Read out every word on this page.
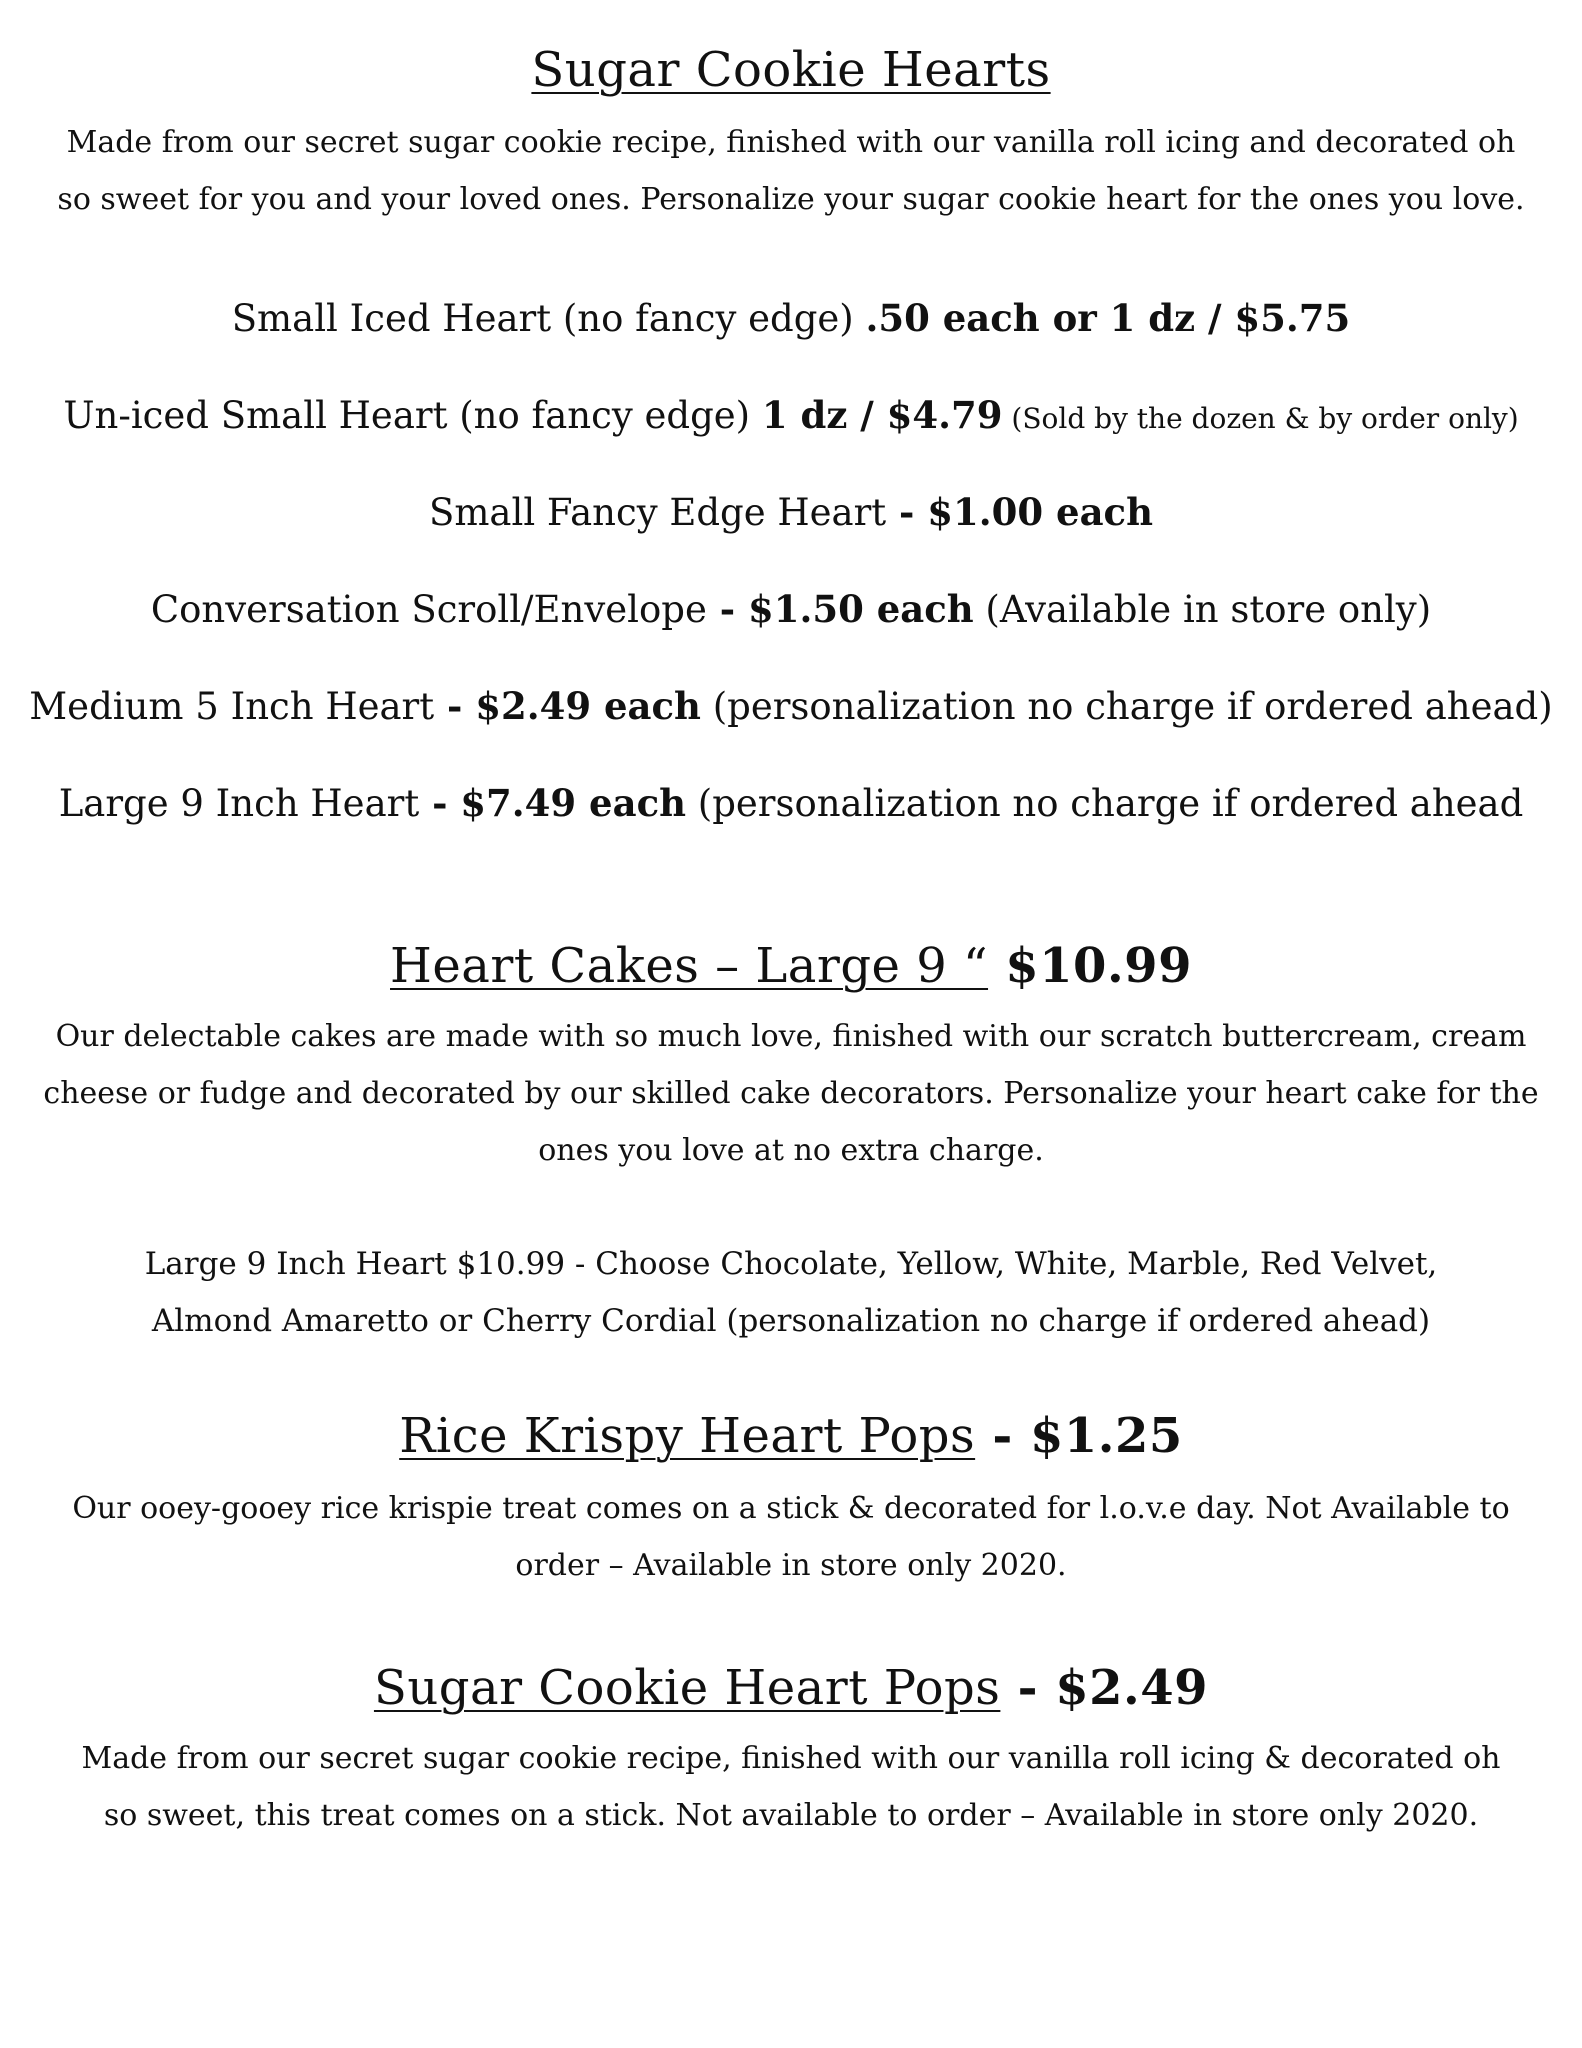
Sugar Cookie Hearts
Made from our secret sugar cookie recipe, finished with our vanilla roll icing and decorated oh so sweet for you and your loved ones. Personalize your sugar cookie heart for the ones you love.
Small Iced Heart (no fancy edge) .50 each or 1 dz / $5.75
Un-iced Small Heart (no fancy edge) 1 dz / $4.79 (Sold by the dozen & by order only)
Small Fancy Edge Heart - $1.00 each
Conversation Scroll/Envelope - $1.50 each (Available in store only)
Medium 5 Inch Heart - $2.49 each (personalization no charge if ordered ahead)
Large 9 Inch Heart - $7.49 each (personalization no charge if ordered ahead
Heart Cakes – Large 9 “ $10.99
Our delectable cakes are made with so much love, finished with our scratch buttercream, cream cheese or fudge and decorated by our skilled cake decorators. Personalize your heart cake for the ones you love at no extra charge.
Large 9 Inch Heart $10.99 - Choose Chocolate, Yellow, White, Marble, Red Velvet, Almond Amaretto or Cherry Cordial (personalization no charge if ordered ahead)
Rice Krispy Heart Pops - $1.25
Our ooey-gooey rice krispie treat comes on a stick & decorated for l.o.v.e day. Not Available to order – Available in store only 2020.
Sugar Cookie Heart Pops - $2.49
Made from our secret sugar cookie recipe, finished with our vanilla roll icing & decorated oh so sweet, this treat comes on a stick. Not available to order – Available in store only 2020.
